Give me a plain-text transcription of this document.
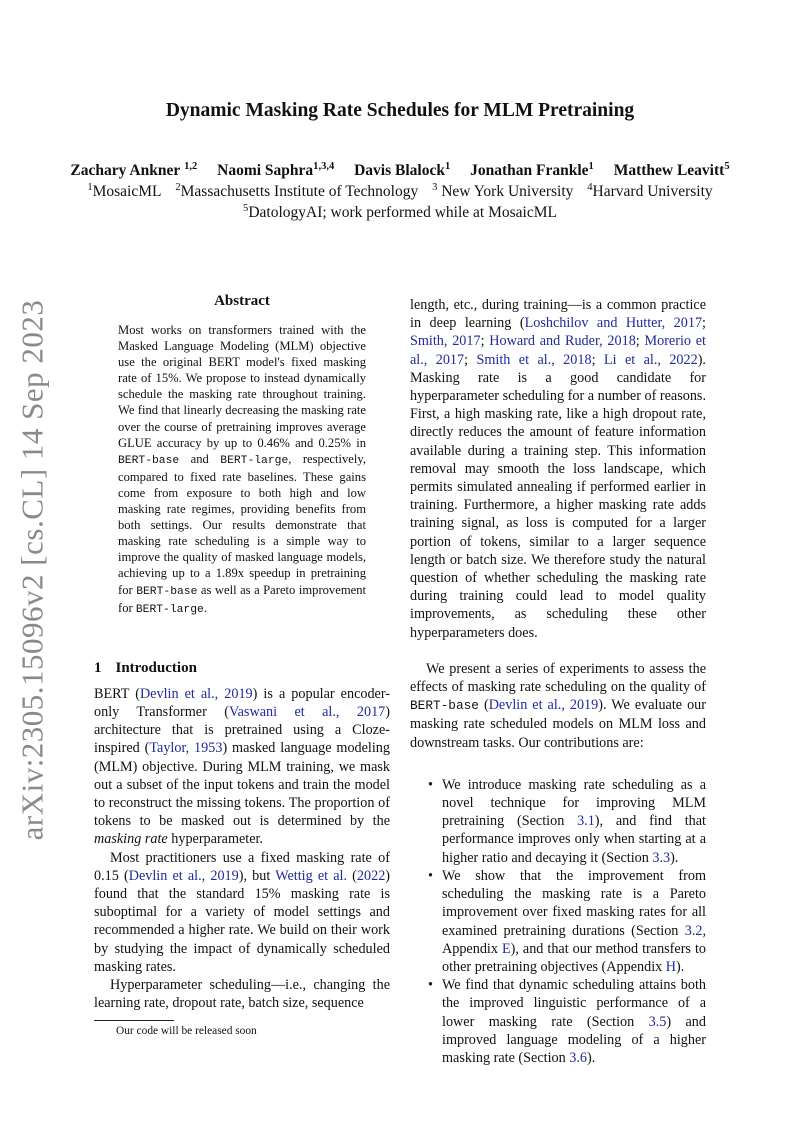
arXiv:2305.15096v2 [cs.CL] 14 Sep 2023
Dynamic Masking Rate Schedules for MLM Pretraining
Zachary Ankner $^{1,2}$ Naomi Saphra$^{1,3,4}$ Davis Blalock$^1$ Jonathan Frankle$^1$ Matthew Leavitt$^5$
$^1$MosaicML $^2$Massachusetts Institute of Technology $^3$ New York University $^4$Harvard University
$^5$DatologyAI; work performed while at MosaicML
Abstract

Most works on transformers trained with the Masked Language Modeling (MLM) objective use the original BERT model's fixed masking rate of 15%. We propose to instead dynamically schedule the masking rate throughout training. We find that linearly decreasing the masking rate over the course of pretraining improves average GLUE accuracy by up to 0.46% and 0.25% in BERT-base and BERT-large, respectively, compared to fixed rate baselines. These gains come from exposure to both high and low masking rate regimes, providing benefits from both settings. Our results demonstrate that masking rate scheduling is a simple way to improve the quality of masked language models, achieving up to a 1.89x speedup in pretraining for BERT-base as well as a Pareto improvement for BERT-large.

1 Introduction

BERT (Devlin et al., 2019) is a popular encoder-only Transformer (Vaswani et al., 2017) architecture that is pretrained using a Cloze-inspired (Taylor, 1953) masked language modeling (MLM) objective. During MLM training, we mask out a subset of the input tokens and train the model to reconstruct the missing tokens. The proportion of tokens to be masked out is determined by the masking rate hyperparameter.

Most practitioners use a fixed masking rate of 0.15 (Devlin et al., 2019), but Wettig et al. (2022) found that the standard 15% masking rate is suboptimal for a variety of model settings and recommended a higher rate. We build on their work by studying the impact of dynamically scheduled masking rates.

Hyperparameter scheduling—i.e., changing the learning rate, dropout rate, batch size, sequence

Our code will be released soon

length, etc., during training—is a common practice in deep learning (Loshchilov and Hutter, 2017; Smith, 2017; Howard and Ruder, 2018; Morerio et al., 2017; Smith et al., 2018; Li et al., 2022). Masking rate is a good candidate for hyperparameter scheduling for a number of reasons. First, a high masking rate, like a high dropout rate, directly reduces the amount of feature information available during a training step. This information removal may smooth the loss landscape, which permits simulated annealing if performed earlier in training. Furthermore, a higher masking rate adds training signal, as loss is computed for a larger portion of tokens, similar to a larger sequence length or batch size. We therefore study the natural question of whether scheduling the masking rate during training could lead to model quality improvements, as scheduling these other hyperparameters does.

We present a series of experiments to assess the effects of masking rate scheduling on the quality of BERT-base (Devlin et al., 2019). We evaluate our masking rate scheduled models on MLM loss and downstream tasks. Our contributions are:

• We introduce masking rate scheduling as a novel technique for improving MLM pretraining (Section 3.1), and find that performance improves only when starting at a higher ratio and decaying it (Section 3.3).
• We show that the improvement from scheduling the masking rate is a Pareto improvement over fixed masking rates for all examined pretraining durations (Section 3.2, Appendix E), and that our method transfers to other pretraining objectives (Appendix H).
• We find that dynamic scheduling attains both the improved linguistic performance of a lower masking rate (Section 3.5) and improved language modeling of a higher masking rate (Section 3.6).
